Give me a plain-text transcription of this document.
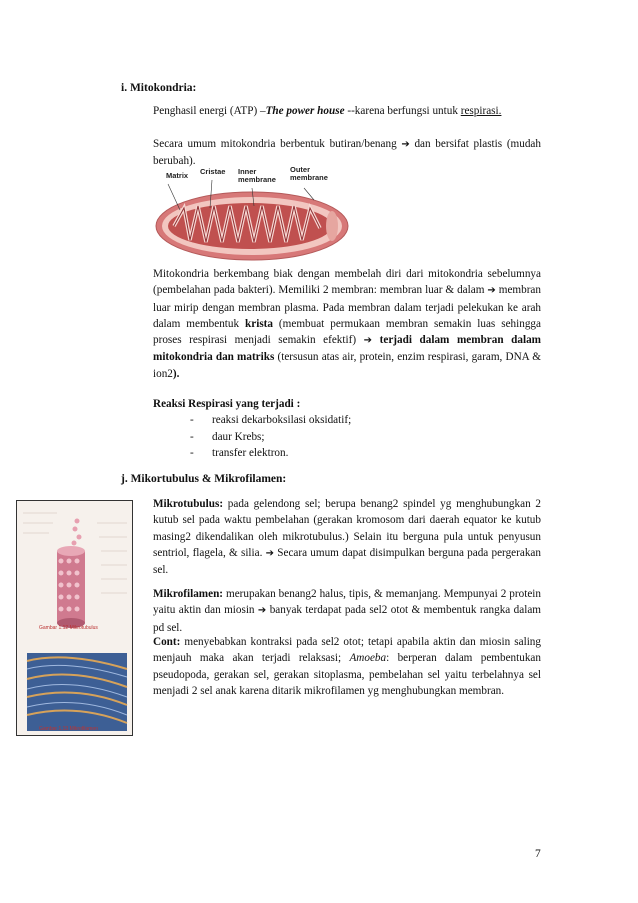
i. Mitokondria:
Penghasil energi (ATP) –The power house --karena berfungsi untuk respirasi.
Secara umum mitokondria berbentuk butiran/benang ➔ dan bersifat plastis (mudah berubah).
Matrix Cristae Inner membrane
Outer membrane
Mitokondria berkembang biak dengan membelah diri dari mitokondria sebelumnya (pembelahan pada bakteri). Memiliki 2 membran: membran luar & dalam ➔ membran luar mirip dengan membran plasma. Pada membran dalam terjadi pelekukan ke arah dalam membentuk krista (membuat permukaan membran semakin luas sehingga proses respirasi menjadi semakin efektif) ➔ terjadi dalam membran dalam mitokondria dan matriks (tersusun atas air, protein, enzim respirasi, garam, DNA & ion2).
Reaksi Respirasi yang terjadi :
- reaksi dekarboksilasi oksidatif;
- daur Krebs;
- transfer elektron.
j. Mikortubulus & Mikrofilamen:
Mikrotubulus: pada gelendong sel; berupa benang2 spindel yg menghubungkan 2 kutub sel pada waktu pembelahan (gerakan kromosom dari daerah equator ke kutub masing2 dikendalikan oleh mikrotubulus.) Selain itu berguna pula untuk penyusun sentriol, flagela, & silia. ➔ Secara umum dapat disimpulkan berguna pada pergerakan sel.
Mikrofilamen: merupakan benang2 halus, tipis, & memanjang. Mempunyai 2 protein yaitu aktin dan miosin ➔ banyak terdapat pada sel2 otot & membentuk rangka dalam pd sel.
Cont: menyebabkan kontraksi pada sel2 otot; tetapi apabila aktin dan miosin saling menjauh maka akan terjadi relaksasi; Amoeba: berperan dalam pembentukan pseudopoda, gerakan sel, gerakan sitoplasma, pembelahan sel yaitu terbelahnya sel menjadi 2 sel anak karena ditarik mikrofilamen yg menghubungkan membran.
Gambar 1.12 Mikrotubulus
Gambar 1.13 Mikrofilamen
7
